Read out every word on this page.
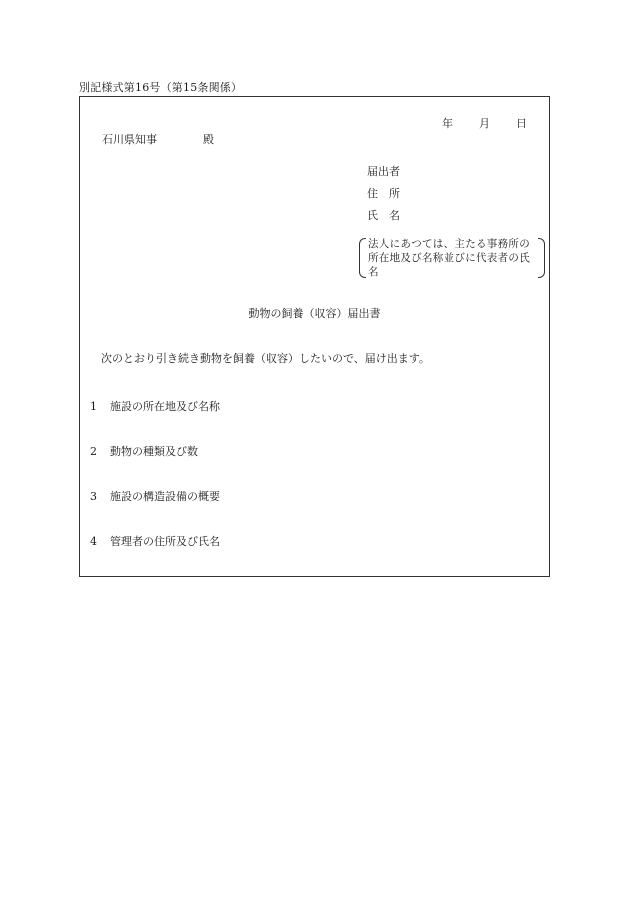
別記様式第16号（第15条関係）
年 月 日
石川県知事	殿
届出者
住　所
氏　名
法人にあつては、主たる事務所の所在地及び名称並びに代表者の氏名
動物の飼養（収容）届出書
次のとおり引き続き動物を飼養（収容）したいので、届け出ます。
1 施設の所在地及び名称
2 動物の種類及び数
3 施設の構造設備の概要
4 管理者の住所及び氏名
